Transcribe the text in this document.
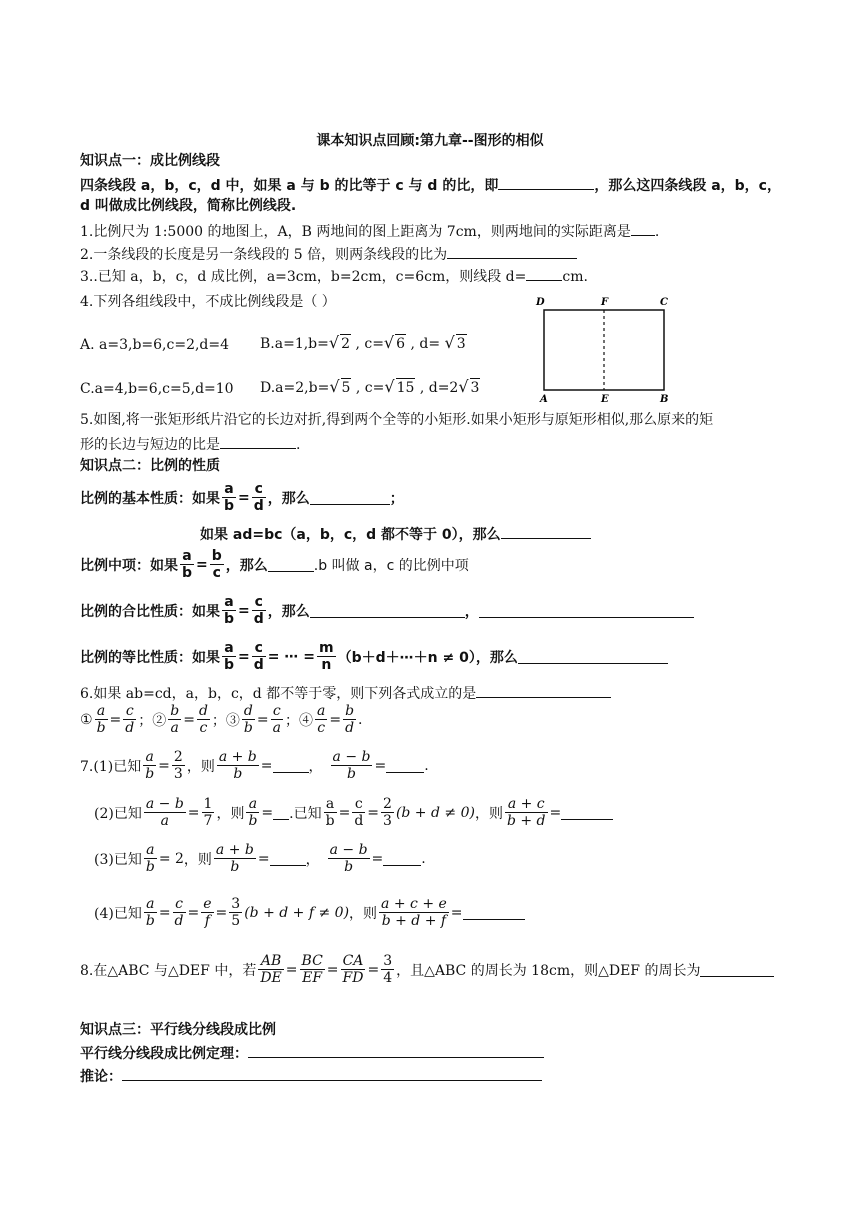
课本知识点回顾:第九章--图形的相似
知识点一：成比例线段
四条线段 a，b，c，d 中，如果 a 与 b 的比等于 c 与 d 的比，即	，那么这四条线段 a，b，c，
d 叫做成比例线段，简称比例线段.
1.比例尺为 1:5000 的地图上，A，B 两地间的图上距离为 7cm，则两地间的实际距离是 .
2.一条线段的长度是另一条线段的 5 倍，则两条线段的比为
3..已知 a，b，c，d 成比例，a=3cm，b=2cm，c=6cm，则线段 d=	cm.
4.下列各组线段中，不成比例线段是（ ）
A. a=3,b=6,c=2,d=4 B.a=1,b=√ 2 , c=√ 6 , d= √ 3
C.a=4,b=6,c=5,d=10 D.a=2,b=√ 5 , c=√ 15 , d=2√ 3
D	F	C
A	E	B
5.如图,将一张矩形纸片沿它的长边对折,得到两个全等的小矩形.如果小矩形与原矩形相似,那么原来的矩
形的长边与短边的比是	.
知识点二：比例的性质
比例的基本性质：如果 $\frac{a}{b} = \frac{c}{d}$ ，那么	；
如果 ad=bc（a，b，c，d 都不等于 0），那么
比例中项：如果 $\frac{a}{b} = \frac{b}{c}$ ，那么	.b 叫做 a，c 的比例中项
比例的合比性质：如果 $\frac{a}{b} = \frac{c}{d}$ ，那么	，
比例的等比性质：如果 $\frac{a}{b} = \frac{c}{d}$ = ⋯ = $\frac{m}{n}$ （b＋d＋⋯＋n ≠ 0），那么
6.如果 ab=cd，a，b，c，d 都不等于零，则下列各式成立的是
① $\frac{a}{b} = \frac{c}{d}$ ；② $\frac{b}{a} = \frac{d}{c}$ ；③ $\frac{d}{b} = \frac{c}{a}$ ；④ $\frac{a}{c} = \frac{b}{d}$ .
7.(1)已知 $\frac{a}{b} = \frac{2}{3}$ ，则 $\frac{a + b}{b}$ =	， $\frac{a - b}{b}$ =	.
(2)已知 $\frac{a - b}{a} = \frac{1}{7}$ ，则 $\frac{a}{b}$ = .已知 $\frac{a}{b} = \frac{c}{d} = \frac{2}{3} (b + d \ne 0)$ ，则 $\frac{a + c}{b + d}$ =
(3)已知 $\frac{a}{b} = 2$ ，则 $\frac{a + b}{b}$ =	， $\frac{a - b}{b}$ =	.
(4)已知 $\frac{a}{b} = \frac{c}{d} = \frac{e}{f} = \frac{3}{5} (b + d + f \ne 0)$ ，则 $\frac{a + c + e}{b + d + f}$ =
8.在△ABC 与△DEF 中，若 $\frac{AB}{DE} = \frac{BC}{EF} = \frac{CA}{FD} = \frac{3}{4}$ ，且△ABC 的周长为 18cm，则△DEF 的周长为
知识点三：平行线分线段成比例
平行线分线段成比例定理：
推论：
